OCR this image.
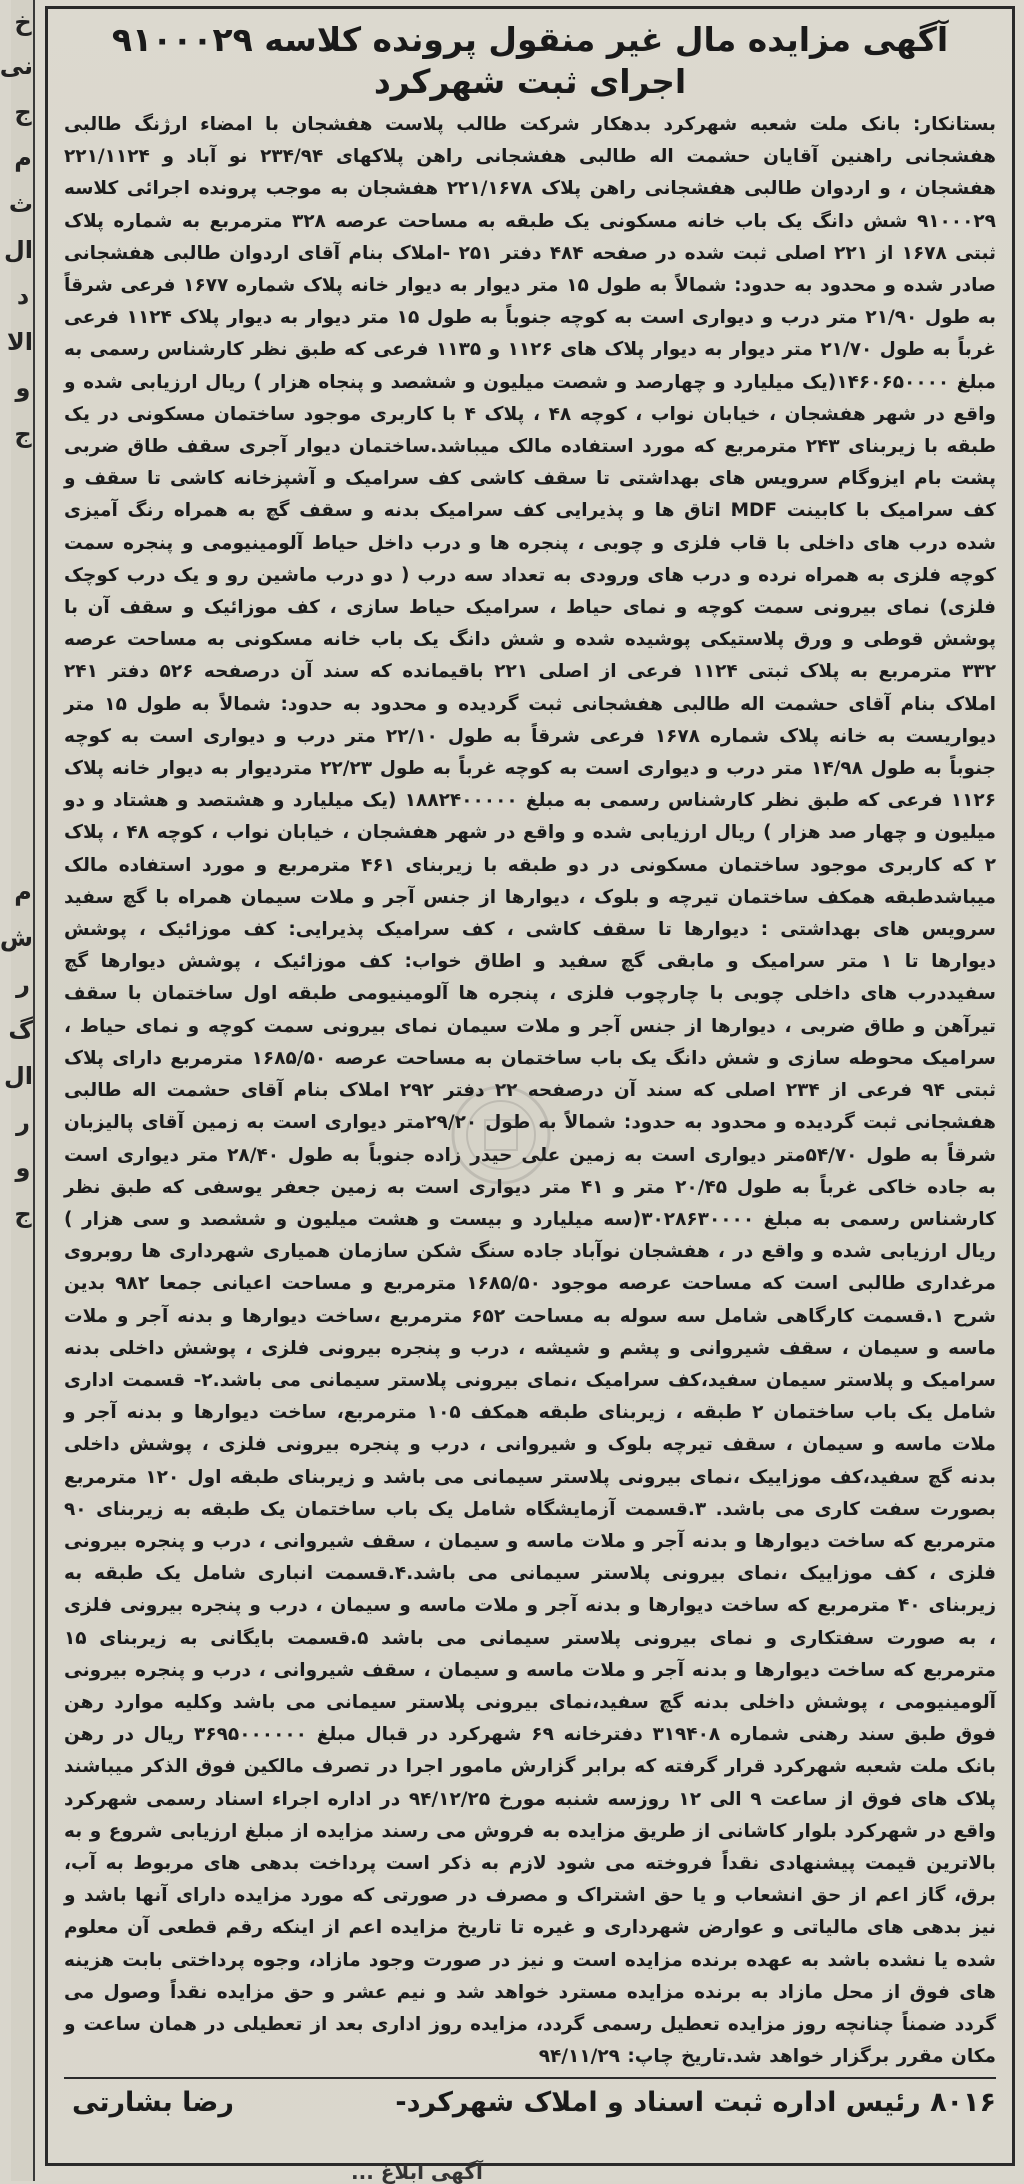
خ
نی
ج
م
ث
ال
د
الا
و
ج
م
ش
ر
گ
ال
ر
و
ج
آگهی مزایده مال غیر منقول پرونده کلاسه ۹۱۰۰۰۲۹ اجرای ثبت شهرکرد
بستانکار: بانک ملت شعبه شهرکرد بدهکار شرکت طالب پلاست هفشجان با امضاء ارژنگ طالبی هفشجانی راهنین آقایان حشمت اله طالبی هفشجانی راهن پلاکهای ۲۳۴/۹۴ نو آباد و ۲۲۱/۱۱۲۴ هفشجان ، و اردوان طالبی هفشجانی راهن پلاک ۲۲۱/۱۶۷۸ هفشجان به موجب پرونده اجرائی کلاسه ۹۱۰۰۰۲۹ شش دانگ یک باب خانه مسکونی یک طبقه به مساحت عرصه ۳۲۸ مترمربع به شماره پلاک ثبتی ۱۶۷۸ از ۲۲۱ اصلی ثبت شده در صفحه ۴۸۴ دفتر ۲۵۱ -املاک بنام آقای اردوان طالبی هفشجانی صادر شده و محدود به حدود: شمالاً به طول ۱۵ متر دیوار به دیوار خانه پلاک شماره ۱۶۷۷ فرعی شرقاً به طول ۲۱/۹۰ متر درب و دیواری است به کوچه جنوباً به طول ۱۵ متر دیوار به دیوار پلاک ۱۱۲۴ فرعی غرباً به طول ۲۱/۷۰ متر دیوار به دیوار پلاک های ۱۱۲۶ و ۱۱۳۵ فرعی که طبق نظر کارشناس رسمی به مبلغ ۱۴۶۰۶۵۰۰۰۰(یک میلیارد و چهارصد و شصت میلیون و ششصد و پنجاه هزار ) ریال ارزیابی شده و واقع در شهر هفشجان ، خیابان نواب ، کوچه ۴۸ ، پلاک ۴ با کاربری موجود ساختمان مسکونی در یک طبقه با زیربنای ۲۴۳ مترمربع که مورد استفاده مالک میباشد.ساختمان دیوار آجری سقف طاق ضربی پشت بام ایزوگام سرویس های بهداشتی تا سقف کاشی کف سرامیک و آشپزخانه کاشی تا سقف و کف سرامیک با کابینت MDF اتاق ها و پذیرایی کف سرامیک بدنه و سقف گچ به همراه رنگ آمیزی شده درب های داخلی با قاب فلزی و چوبی ، پنجره ها و درب داخل حیاط آلومینیومی و پنجره سمت کوچه فلزی به همراه نرده و درب های ورودی به تعداد سه درب ( دو درب ماشین رو و یک درب کوچک فلزی) نمای بیرونی سمت کوچه و نمای حیاط ، سرامیک حیاط سازی ، کف موزائیک و سقف آن با پوشش قوطی و ورق پلاستیکی پوشیده شده و شش دانگ یک باب خانه مسکونی به مساحت عرصه ۳۳۲ مترمربع به پلاک ثبتی ۱۱۲۴ فرعی از اصلی ۲۲۱ باقیمانده که سند آن درصفحه ۵۲۶ دفتر ۲۴۱ املاک بنام آقای حشمت اله طالبی هفشجانی ثبت گردیده و محدود به حدود: شمالاً به طول ۱۵ متر دیواریست به خانه پلاک شماره ۱۶۷۸ فرعی شرقاً به طول ۲۲/۱۰ متر درب و دیواری است به کوچه جنوباً به طول ۱۴/۹۸ متر درب و دیواری است به کوچه غرباً به طول ۲۲/۲۳ متردیوار به دیوار خانه پلاک ۱۱۲۶ فرعی که طبق نظر کارشناس رسمی به مبلغ ۱۸۸۲۴۰۰۰۰۰ (یک میلیارد و هشتصد و هشتاد و دو میلیون و چهار صد هزار ) ریال ارزیابی شده و واقع در شهر هفشجان ، خیابان نواب ، کوچه ۴۸ ، پلاک ۲ که کاربری موجود ساختمان مسکونی در دو طبقه با زیربنای ۴۶۱ مترمربع و مورد استفاده مالک میباشدطبقه همکف ساختمان تیرچه و بلوک ، دیوارها از جنس آجر و ملات سیمان همراه با گچ سفید سرویس های بهداشتی : دیوارها تا سقف کاشی ، کف سرامیک پذیرایی: کف موزائیک ، پوشش دیوارها تا ۱ متر سرامیک و مابقی گچ سفید و اطاق خواب: کف موزائیک ، پوشش دیوارها گچ سفیددرب های داخلی چوبی با چارچوب فلزی ، پنجره ها آلومینیومی طبقه اول ساختمان با سقف تیرآهن و طاق ضربی ، دیوارها از جنس آجر و ملات سیمان نمای بیرونی سمت کوچه و نمای حیاط ، سرامیک محوطه سازی و شش دانگ یک باب ساختمان به مساحت عرصه ۱۶۸۵/۵۰ مترمربع دارای پلاک ثبتی ۹۴ فرعی از ۲۳۴ اصلی که سند آن درصفحه ۲۲ دفتر ۲۹۲ املاک بنام آقای حشمت اله طالبی هفشجانی ثبت گردیده و محدود به حدود: شمالاً به طول ۲۹/۲۰متر دیواری است به زمین آقای پالیزبان شرقاً به طول ۵۴/۷۰متر دیواری است به زمین علی حیدر زاده جنوباً به طول ۲۸/۴۰ متر دیواری است به جاده خاکی غرباً به طول ۲۰/۴۵ متر و ۴۱ متر دیواری است به زمین جعفر یوسفی که طبق نظر کارشناس رسمی به مبلغ ۳۰۲۸۶۳۰۰۰۰(سه میلیارد و بیست و هشت میلیون و ششصد و سی هزار ) ریال ارزیابی شده و واقع در ، هفشجان نوآباد جاده سنگ شکن سازمان همیاری شهرداری ها روبروی مرغداری طالبی است که مساحت عرصه موجود ۱۶۸۵/۵۰ مترمربع و مساحت اعیانی جمعا ۹۸۲ بدین شرح ۱.قسمت کارگاهی شامل سه سوله به مساحت ۶۵۲ مترمربع ،ساخت دیوارها و بدنه آجر و ملات ماسه و سیمان ، سقف شیروانی و پشم و شیشه ، درب و پنجره بیرونی فلزی ، پوشش داخلی بدنه سرامیک و پلاستر سیمان سفید،کف سرامیک ،نمای بیرونی پلاستر سیمانی می باشد.۲- قسمت اداری شامل یک باب ساختمان ۲ طبقه ، زیربنای طبقه همکف ۱۰۵ مترمربع، ساخت دیوارها و بدنه آجر و ملات ماسه و سیمان ، سقف تیرچه بلوک و شیروانی ، درب و پنجره بیرونی فلزی ، پوشش داخلی بدنه گچ سفید،کف موزاییک ،نمای بیرونی پلاستر سیمانی می باشد و زیربنای طبقه اول ۱۲۰ مترمربع بصورت سفت کاری می باشد. ۳.قسمت آزمایشگاه شامل یک باب ساختمان یک طبقه به زیربنای ۹۰ مترمربع که ساخت دیوارها و بدنه آجر و ملات ماسه و سیمان ، سقف شیروانی ، درب و پنجره بیرونی فلزی ، کف موزاییک ،نمای بیرونی پلاستر سیمانی می باشد.۴.قسمت انباری شامل یک طبقه به زیربنای ۴۰ مترمربع که ساخت دیوارها و بدنه آجر و ملات ماسه و سیمان ، درب و پنجره بیرونی فلزی ، به صورت سفتکاری و نمای بیرونی پلاستر سیمانی می باشد ۵.قسمت بایگانی به زیربنای ۱۵ مترمربع که ساخت دیوارها و بدنه آجر و ملات ماسه و سیمان ، سقف شیروانی ، درب و پنجره بیرونی آلومینیومی ، پوشش داخلی بدنه گچ سفید،نمای بیرونی پلاستر سیمانی می باشد وکلیه موارد رهن فوق طبق سند رهنی شماره ۳۱۹۴۰۸ دفترخانه ۶۹ شهرکرد در قبال مبلغ ۳۶۹۵۰۰۰۰۰۰ ریال در رهن بانک ملت شعبه شهرکرد قرار گرفته که برابر گزارش مامور اجرا در تصرف مالکین فوق الذکر میباشند پلاک های فوق از ساعت ۹ الی ۱۲ روزسه شنبه مورخ ۹۴/۱۲/۲۵ در اداره اجراء اسناد رسمی شهرکرد واقع در شهرکرد بلوار کاشانی از طریق مزایده به فروش می رسند مزایده از مبلغ ارزیابی شروع و به بالاترین قیمت پیشنهادی نقداً فروخته می شود لازم به ذکر است پرداخت بدهی های مربوط به آب، برق، گاز اعم از حق انشعاب و یا حق اشتراک و مصرف در صورتی که مورد مزایده دارای آنها باشد و نیز بدهی های مالیاتی و عوارض شهرداری و غیره تا تاریخ مزایده اعم از اینکه رقم قطعی آن معلوم شده یا نشده باشد به عهده برنده مزایده است و نیز در صورت وجود مازاد، وجوه پرداختی بابت هزینه های فوق از محل مازاد به برنده مزایده مسترد خواهد شد و نیم عشر و حق مزایده نقداً وصول می گردد ضمناً چنانچه روز مزایده تعطیل رسمی گردد، مزایده روز اداری بعد از تعطیلی در همان ساعت و مکان مقرر برگزار خواهد شد.تاریخ چاپ: ۹۴/۱۱/۲۹
۸۰۱۶ رئیس اداره ثبت اسناد و املاک شهرکرد-
رضا بشارتی
آگهی ابلاغ ...
